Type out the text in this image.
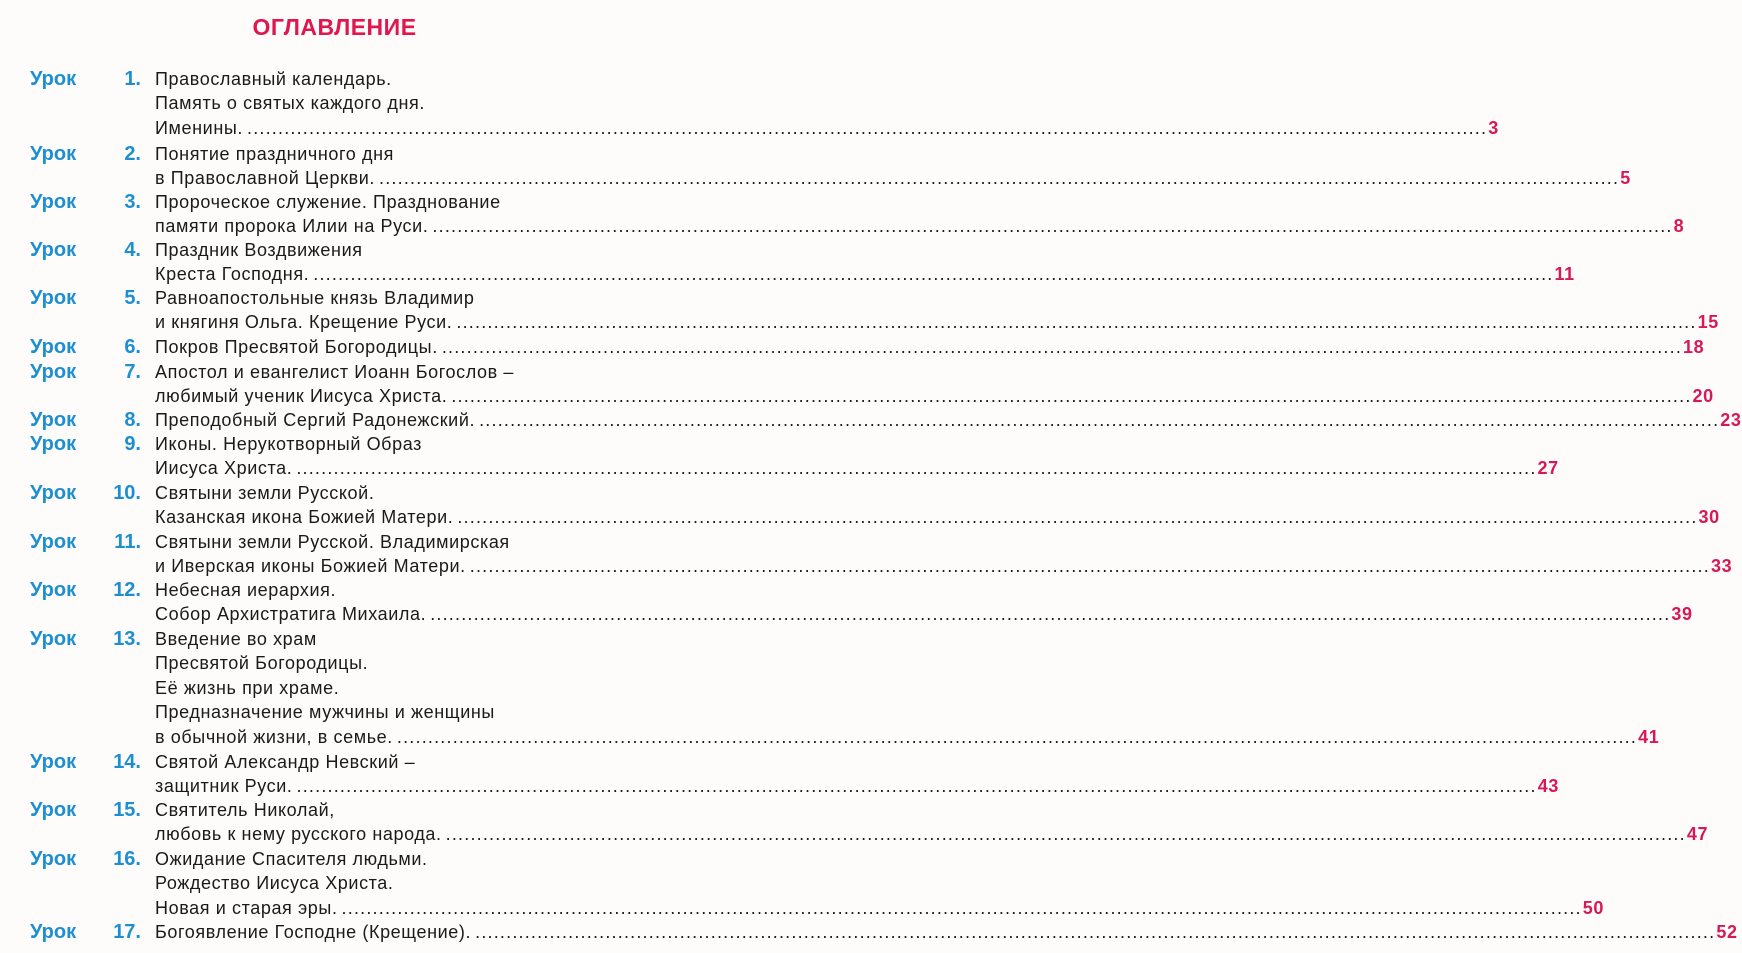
ОГЛАВЛЕНИЕ
Урок 1. Православный календарь.
Память о святых каждого дня.
Именины. ........................................................................................................................................................................................................ 3
Урок 2. Понятие праздничного дня
в Православной Церкви. ........................................................................................................................................................................................................ 5
Урок 3. Пророческое служение. Празднование
памяти пророка Илии на Руси. ........................................................................................................................................................................................................ 8
Урок 4. Праздник Воздвижения
Креста Господня. ........................................................................................................................................................................................................ 11
Урок 5. Равноапостольные князь Владимир
и княгиня Ольга. Крещение Руси. ........................................................................................................................................................................................................ 15
Урок 6. Покров Пресвятой Богородицы. ........................................................................................................................................................................................................ 18
Урок 7. Апостол и евангелист Иоанн Богослов –
любимый ученик Иисуса Христа. ........................................................................................................................................................................................................ 20
Урок 8. Преподобный Сергий Радонежский. ........................................................................................................................................................................................................ 23
Урок 9. Иконы. Нерукотворный Образ
Иисуса Христа. ........................................................................................................................................................................................................ 27
Урок 10. Святыни земли Русской.
Казанская икона Божией Матери. ........................................................................................................................................................................................................ 30
Урок 11. Святыни земли Русской. Владимирская
и Иверская иконы Божией Матери. ........................................................................................................................................................................................................ 33
Урок 12. Небесная иерархия.
Собор Архистратига Михаила. ........................................................................................................................................................................................................ 39
Урок 13. Введение во храм
Пресвятой Богородицы.
Её жизнь при храме.
Предназначение мужчины и женщины
в обычной жизни, в семье. ........................................................................................................................................................................................................ 41
Урок 14. Святой Александр Невский –
защитник Руси. ........................................................................................................................................................................................................ 43
Урок 15. Святитель Николай,
любовь к нему русского народа. ........................................................................................................................................................................................................ 47
Урок 16. Ожидание Спасителя людьми.
Рождество Иисуса Христа.
Новая и старая эры. ........................................................................................................................................................................................................ 50
Урок 17. Богоявление Господне (Крещение). ........................................................................................................................................................................................................ 52
